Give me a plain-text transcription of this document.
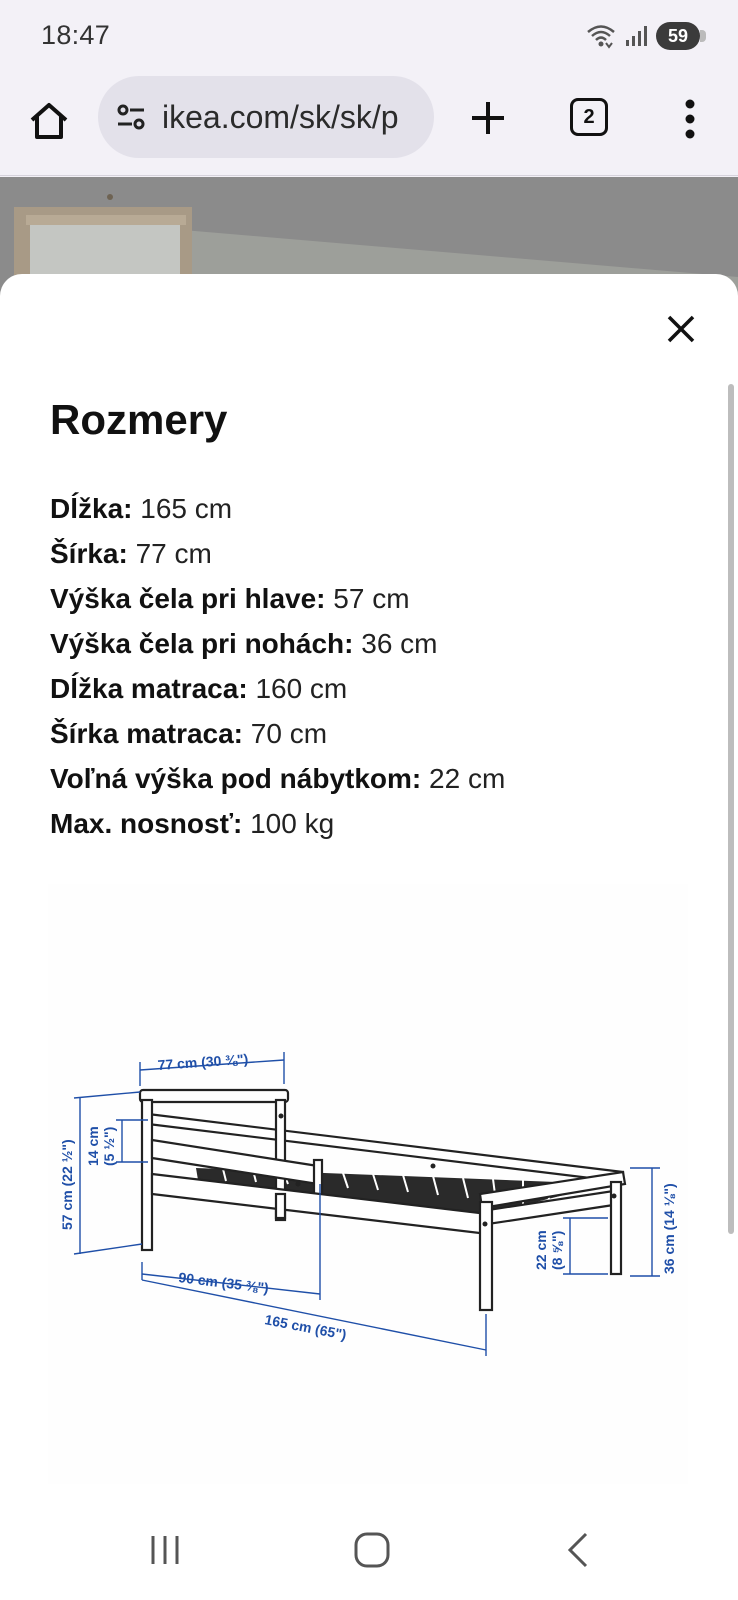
18:47	59
ikea.com/sk/sk/p	2
Rozmery
Dĺžka: 165 cm
Šírka: 77 cm
Výška čela pri hlave: 57 cm
Výška čela pri nohách: 36 cm
Dĺžka matraca: 160 cm
Šírka matraca: 70 cm
Voľná výška pod nábytkom: 22 cm
Max. nosnosť: 100 kg
77 cm (30 ⅜")
57 cm (22 ½") 14 cm (5 ½")
90 cm (35 ⅜")
165 cm (65")
22 cm (8 ⅝")	36 cm (14 ⅛")
